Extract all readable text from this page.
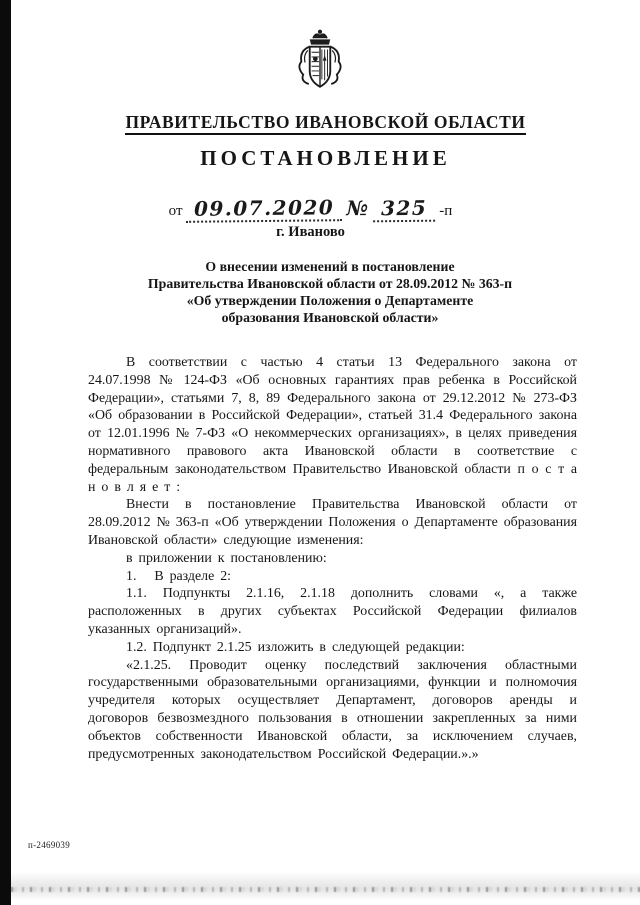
ПРАВИТЕЛЬСТВО ИВАНОВСКОЙ ОБЛАСТИ
ПОСТАНОВЛЕНИЕ
от 09.07.2020 № 325 -п
г. Иваново
О внесении изменений в постановление
Правительства Ивановской области от 28.09.2012 № 363-п
«Об утверждении Положения о Департаменте
образования Ивановской области»

В соответствии с частью 4 статьи 13 Федерального закона от 24.07.1998 № 124-ФЗ «Об основных гарантиях прав ребенка в Российской Федерации», статьями 7, 8, 89 Федерального закона от 29.12.2012 № 273-ФЗ «Об образовании в Российской Федерации», статьей 31.4 Федерального закона от 12.01.1996 № 7-ФЗ «О некоммерческих организациях», в целях приведения нормативного правового акта Ивановской области в соответствие с федеральным законодательством Правительство Ивановской области п о с т а н о в л я е т :

Внести в постановление Правительства Ивановской области от 28.09.2012 № 363-п «Об утверждении Положения о Департаменте образования Ивановской области» следующие изменения:

в приложении к постановлению:

1.   В разделе 2:

1.1. Подпункты 2.1.16, 2.1.18 дополнить словами «, а также расположенных в других субъектах Российской Федерации филиалов указанных организаций».

1.2. Подпункт 2.1.25 изложить в следующей редакции:

«2.1.25. Проводит оценку последствий заключения областными государственными образовательными организациями, функции и полномочия учредителя которых осуществляет Департамент, договоров аренды и договоров безвозмездного пользования в отношении закрепленных за ними объектов собственности Ивановской области, за исключением случаев, предусмотренных законодательством Российской Федерации.».»

п-2469039
